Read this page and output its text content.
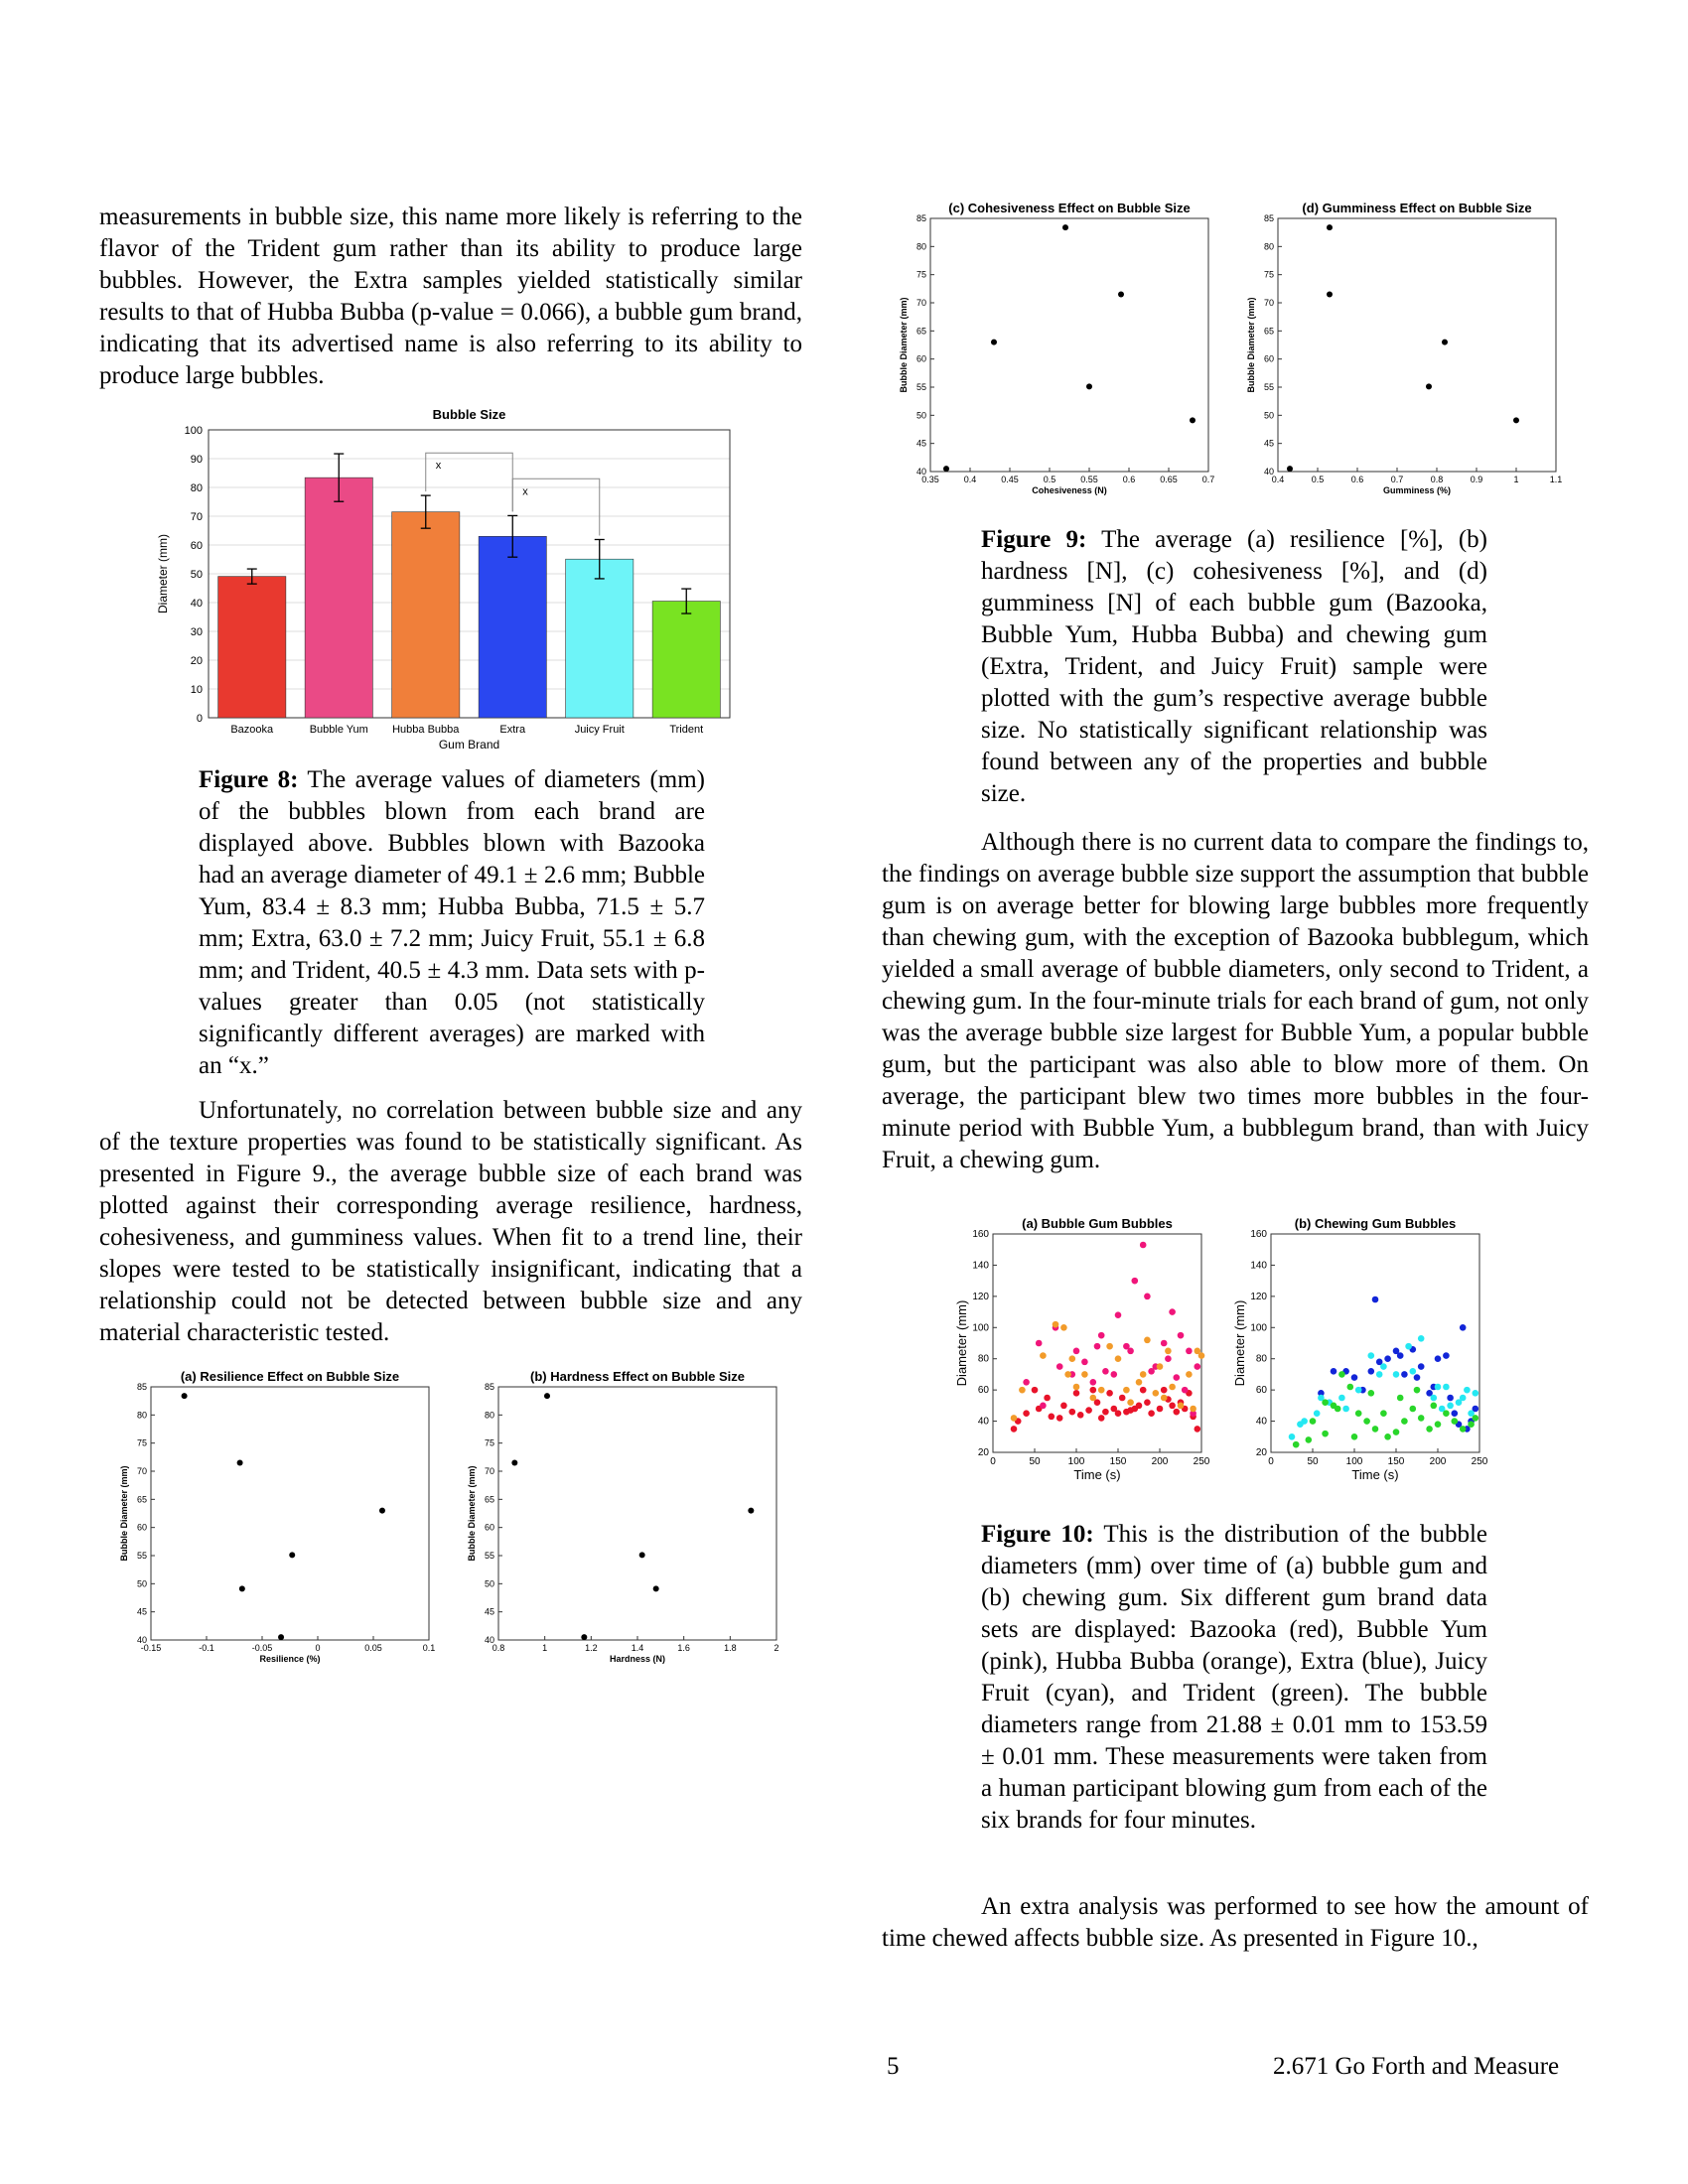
measurements in bubble size, this name more likely is referring to the flavor of the Trident gum rather than its ability to produce large bubbles. However, the Extra samples yielded statistically similar results to that of Hubba Bubba (p-value = 0.066), a bubble gum brand, indicating that its advertised name is also referring to its ability to produce large bubbles.

Bubble Size
0
10
20
30
40
50
60
70
80
90
100
Bazooka	Bubble Yum Hubba Bubba	Extra	Juicy Fruit	Trident
x
x
Gum Brand
Diameter (mm)

Figure 8: The average values of diameters (mm) of the bubbles blown from each brand are displayed above. Bubbles blown with Bazooka had an average diameter of 49.1 ± 2.6 mm; Bubble Yum, 83.4 ± 8.3 mm; Hubba Bubba, 71.5 ± 5.7 mm; Extra, 63.0 ± 7.2 mm; Juicy Fruit, 55.1 ± 6.8 mm; and Trident, 40.5 ± 4.3 mm. Data sets with p-values greater than 0.05 (not statistically significantly different averages) are marked with an “x.”

Unfortunately, no correlation between bubble size and any of the texture properties was found to be statistically significant. As presented in Figure 9., the average bubble size of each brand was plotted against their corresponding average resilience, hardness, cohesiveness, and gumminess values. When fit to a trend line, their slopes were tested to be statistically insignificant, indicating that a relationship could not be detected between bubble size and any material characteristic tested.

(a) Resilience Effect on Bubble Size
40
45
50
55
60
65
70
75
80
85
-0.15	-0.1	-0.05	0	0.05	0.1
Resilience (%)
Bubble Diameter (mm)
(b) Hardness Effect on Bubble Size
40
45
50
55
60
65
70
75
80
85
0.8	1	1.2	1.4	1.6	1.8	2
Hardness (N)
Bubble Diameter (mm)
(c) Cohesiveness Effect on Bubble Size
40
45
50
55
60
65
70
75
80
85
0.35	0.4	0.45	0.5	0.55	0.6	0.65	0.7
Cohesiveness (N)
Bubble Diameter (mm)
(d) Gumminess Effect on Bubble Size
40
45
50
55
60
65
70
75
80
85
0.4	0.5	0.6	0.7	0.8	0.9	1	1.1
Gumminess (%)
Bubble Diameter (mm)

Figure 9: The average (a) resilience [%], (b) hardness [N], (c) cohesiveness [%], and (d) gumminess [N] of each bubble gum (Bazooka, Bubble Yum, Hubba Bubba) and chewing gum (Extra, Trident, and Juicy Fruit) sample were plotted with the gum’s respective average bubble size. No statistically significant relationship was found between any of the properties and bubble size.

Although there is no current data to compare the findings to, the findings on average bubble size support the assumption that bubble gum is on average better for blowing large bubbles more frequently than chewing gum, with the exception of Bazooka bubblegum, which yielded a small average of bubble diameters, only second to Trident, a chewing gum. In the four-minute trials for each brand of gum, not only was the average bubble size largest for Bubble Yum, a popular bubble gum, but the participant was also able to blow more of them. On average, the participant blew two times more bubbles in the four-minute period with Bubble Yum, a bubblegum brand, than with Juicy Fruit, a chewing gum.

(a) Bubble Gum Bubbles
20
40
60
80
100
120
140
160
0	50	100	150	200	250
Time (s)
Diameter (mm)
(b) Chewing Gum Bubbles
20
40
60
80
100
120
140
160
0	50	100	150	200	250
Time (s)
Diameter (mm)

Figure 10: This is the distribution of the bubble diameters (mm) over time of (a) bubble gum and (b) chewing gum. Six different gum brand data sets are displayed: Bazooka (red), Bubble Yum (pink), Hubba Bubba (orange), Extra (blue), Juicy Fruit (cyan), and Trident (green). The bubble diameters range from 21.88 ± 0.01 mm to 153.59 ± 0.01 mm. These measurements were taken from a human participant blowing gum from each of the six brands for four minutes.

An extra analysis was performed to see how the amount of time chewed affects bubble size. As presented in Figure 10.,

5	2.671 Go Forth and Measure
